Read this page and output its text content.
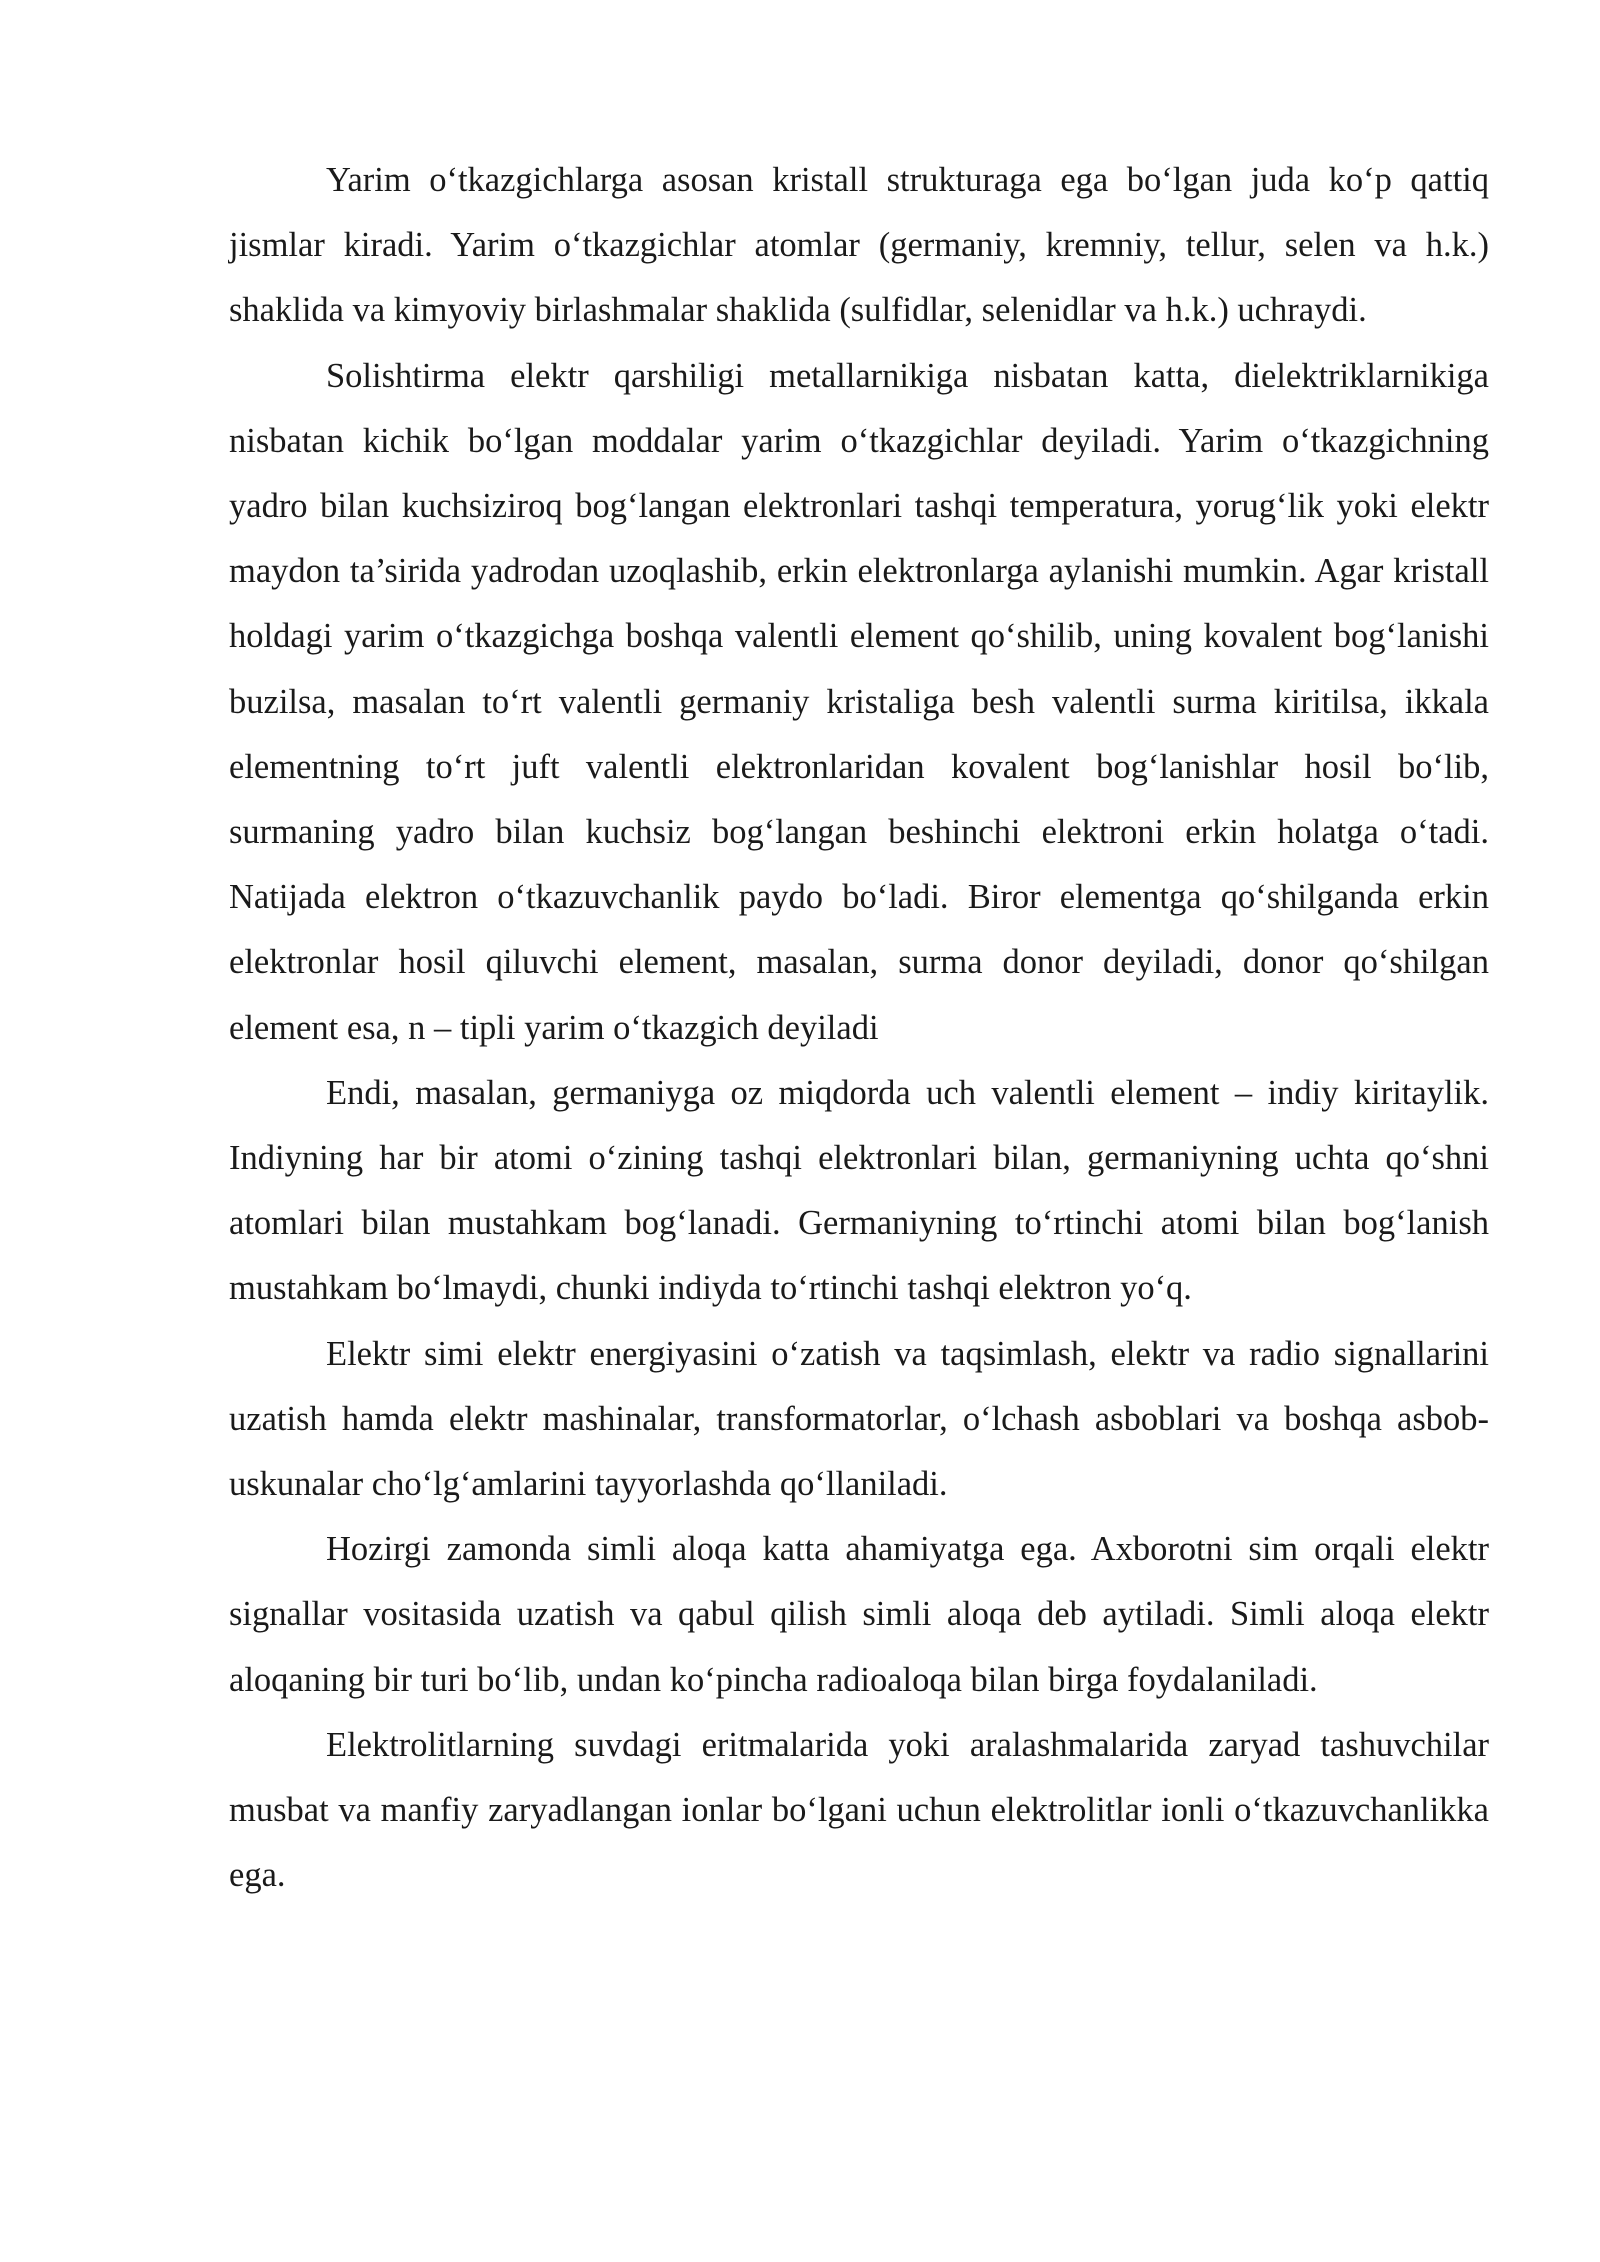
Yarim o‘tkazgichlarga asosan kristall strukturaga ega bo‘lgan juda ko‘p qattiq jismlar kiradi. Yarim o‘tkazgichlar atomlar (germaniy, kremniy, tellur, selen va h.k.) shaklida va kimyoviy birlashmalar shaklida (sulfidlar, selenidlar va h.k.) uchraydi.

Solishtirma elektr qarshiligi metallarnikiga nisbatan katta, dielektriklarnikiga nisbatan kichik bo‘lgan moddalar yarim o‘tkazgichlar deyiladi. Yarim o‘tkazgichning yadro bilan kuchsiziroq bog‘langan elektronlari tashqi temperatura, yorug‘lik yoki elektr maydon ta’sirida yadrodan uzoqlashib, erkin elektronlarga aylanishi mumkin. Agar kristall holdagi yarim o‘tkazgichga boshqa valentli element qo‘shilib, uning kovalent bog‘lanishi buzilsa, masalan to‘rt valentli germaniy kristaliga besh valentli surma kiritilsa, ikkala elementning to‘rt juft valentli elektronlaridan kovalent bog‘lanishlar hosil bo‘lib, surmaning yadro bilan kuchsiz bog‘langan beshinchi elektroni erkin holatga o‘tadi. Natijada elektron o‘tkazuvchanlik paydo bo‘ladi. Biror elementga qo‘shilganda erkin elektronlar hosil qiluvchi element, masalan, surma donor deyiladi, donor qo‘shilgan element esa, n – tipli yarim o‘tkazgich deyiladi

Endi, masalan, germaniyga oz miqdorda uch valentli element – indiy kiritaylik. Indiyning har bir atomi o‘zining tashqi elektronlari bilan, germaniyning uchta qo‘shni atomlari bilan mustahkam bog‘lanadi. Germaniyning to‘rtinchi atomi bilan bog‘lanish mustahkam bo‘lmaydi, chunki indiyda to‘rtinchi tashqi elektron yo‘q.

Elektr simi elektr energiyasini o‘zatish va taqsimlash, elektr va radio signallarini uzatish hamda elektr mashinalar, transformatorlar, o‘lchash asboblari va boshqa asbob-uskunalar cho‘lg‘amlarini tayyorlashda qo‘llaniladi.

Hozirgi zamonda simli aloqa katta ahamiyatga ega. Axborotni sim orqali elektr signallar vositasida uzatish va qabul qilish simli aloqa deb aytiladi. Simli aloqa elektr aloqaning bir turi bo‘lib, undan ko‘pincha radioaloqa bilan birga foydalaniladi.

Elektrolitlarning suvdagi eritmalarida yoki aralashmalarida zaryad tashuvchilar musbat va manfiy zaryadlangan ionlar bo‘lgani uchun elektrolitlar ionli o‘tkazuvchanlikka ega.
